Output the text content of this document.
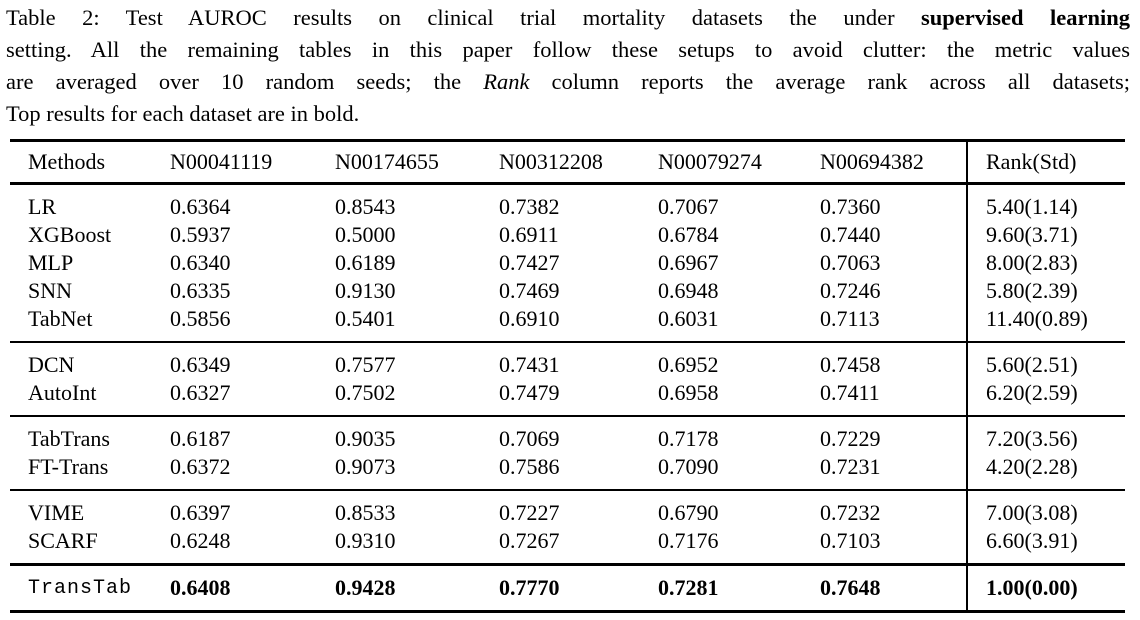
Table 2: Test AUROC results on clinical trial mortality datasets the under supervised learning
setting. All the remaining tables in this paper follow these setups to avoid clutter: the metric values
are averaged over 10 random seeds; the Rank column reports the average rank across all datasets;
Top results for each dataset are in bold.
Methods	N00041119	N00174655	N00312208	N00079274	N00694382	Rank(Std)
LR	0.6364	0.8543	0.7382	0.7067	0.7360	5.40(1.14)
XGBoost	0.5937	0.5000	0.6911	0.6784	0.7440	9.60(3.71)
MLP	0.6340	0.6189	0.7427	0.6967	0.7063	8.00(2.83)
SNN	0.6335	0.9130	0.7469	0.6948	0.7246	5.80(2.39)
TabNet	0.5856	0.5401	0.6910	0.6031	0.7113	11.40(0.89)
DCN	0.6349	0.7577	0.7431	0.6952	0.7458	5.60(2.51)
AutoInt	0.6327	0.7502	0.7479	0.6958	0.7411	6.20(2.59)
TabTrans	0.6187	0.9035	0.7069	0.7178	0.7229	7.20(3.56)
FT-Trans	0.6372	0.9073	0.7586	0.7090	0.7231	4.20(2.28)
VIME	0.6397	0.8533	0.7227	0.6790	0.7232	7.00(3.08)
SCARF	0.6248	0.9310	0.7267	0.7176	0.7103	6.60(3.91)
TransTab	0.6408	0.9428	0.7770	0.7281	0.7648	1.00(0.00)
